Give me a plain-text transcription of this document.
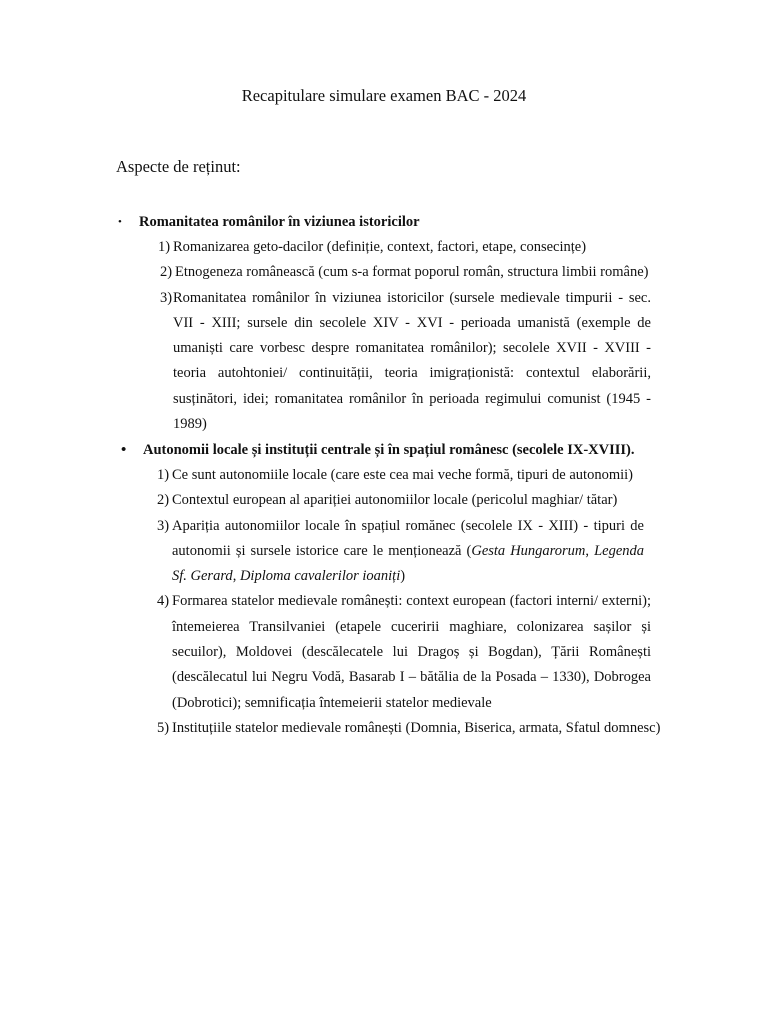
Recapitulare simulare examen BAC - 2024
Aspecte de reținut:
• Romanitatea românilor în viziunea istoricilor
1) Romanizarea geto-dacilor (definiție, context, factori, etape, consecințe)
2) Etnogeneza românească (cum s-a format poporul român, structura limbii române)
3) Romanitatea românilor în viziunea istoricilor (sursele medievale timpurii - sec. VII - XIII; sursele din secolele XIV - XVI - perioada umanistă (exemple de umaniști care vorbesc despre romanitatea românilor); secolele XVII - XVIII - teoria autohtoniei/ continuității, teoria imigraționistă: contextul elaborării, susținători, idei; romanitatea românilor în perioada regimului comunist (1945 - 1989)
• Autonomii locale și instituții centrale și în spațiul românesc (secolele IX-XVIII).
1) Ce sunt autonomiile locale (care este cea mai veche formă, tipuri de autonomii)
2) Contextul european al apariției autonomiilor locale (pericolul maghiar/ tătar)
3) Apariția autonomiilor locale în spațiul romănec (secolele IX - XIII) - tipuri de autonomii și sursele istorice care le menționează (Gesta Hungarorum, Legenda Sf. Gerard, Diploma cavalerilor ioaniți)
4) Formarea statelor medievale românești: context european (factori interni/ externi); întemeierea Transilvaniei (etapele cuceririi maghiare, colonizarea sașilor și secuilor), Moldovei (descălecatele lui Dragoș și Bogdan), Țării Românești (descălecatul lui Negru Vodă, Basarab I – bătălia de la Posada – 1330), Dobrogea (Dobrotici); semnificația întemeierii statelor medievale
5) Instituțiile statelor medievale românești (Domnia, Biserica, armata, Sfatul domnesc)
